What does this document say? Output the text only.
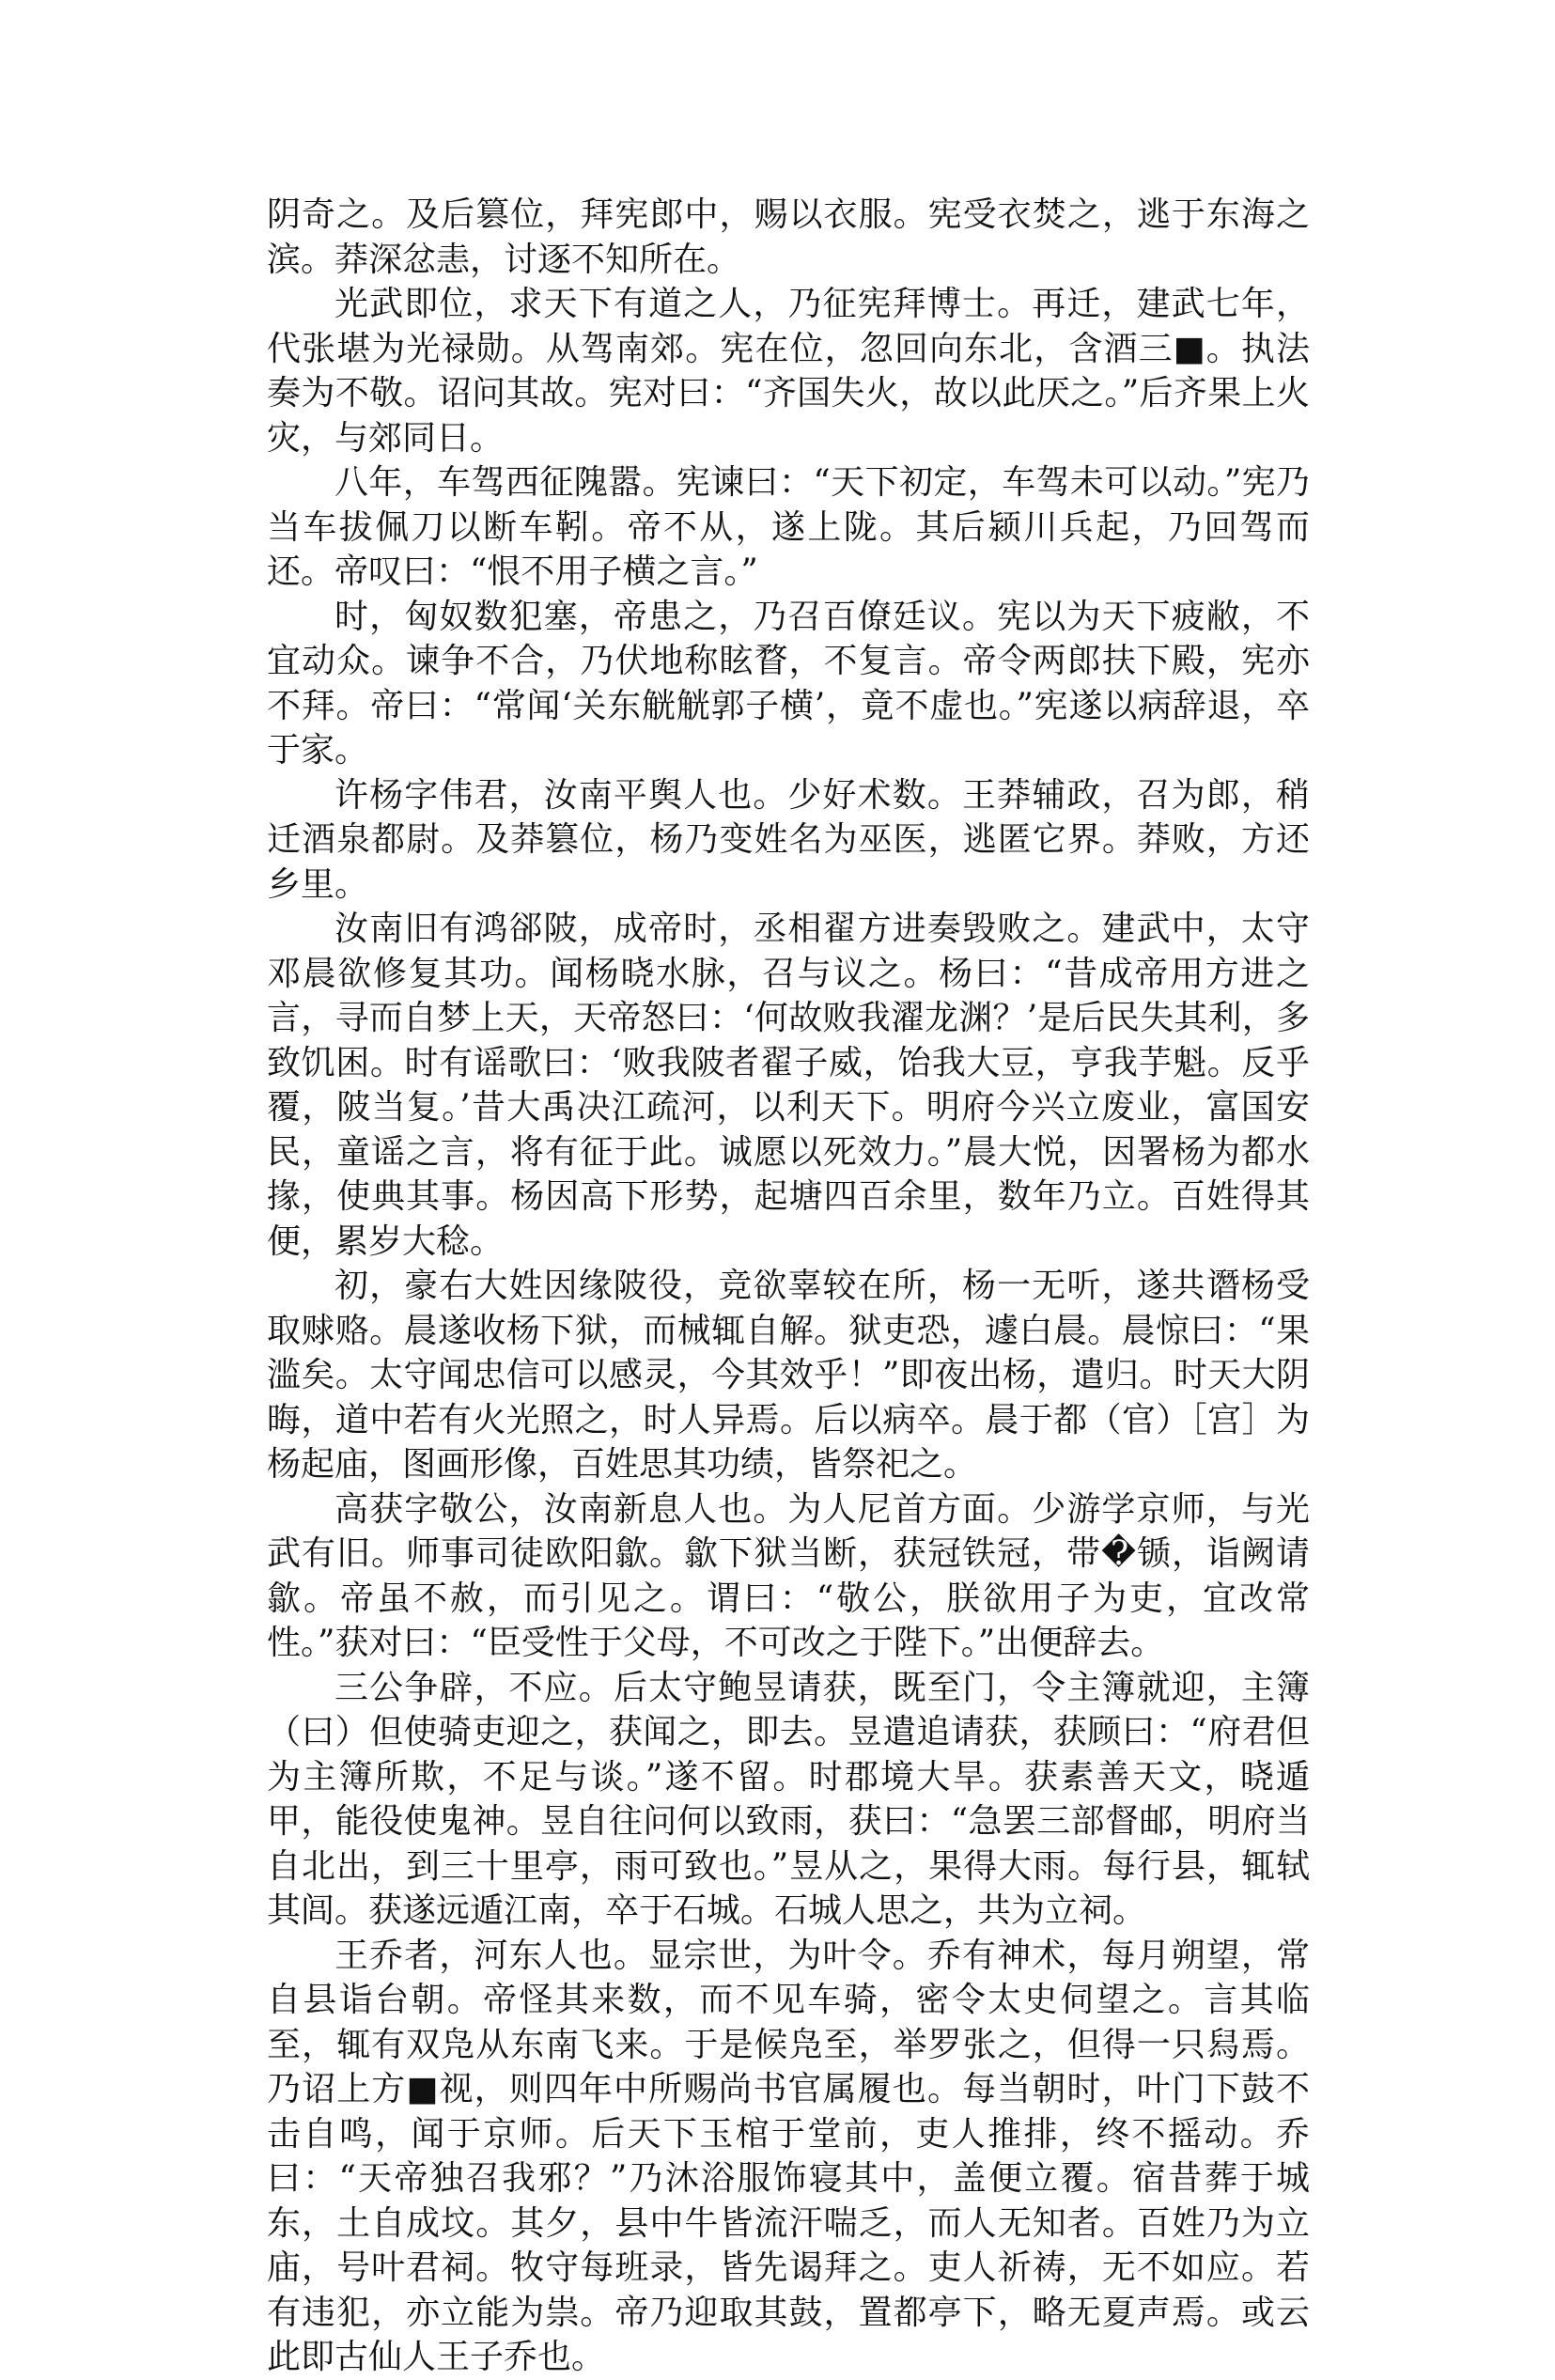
阴奇之。及后篡位，拜宪郎中，赐以衣服。宪受衣焚之，逃于东海之滨。莽深忿恚，讨逐不知所在。

光武即位，求天下有道之人，乃征宪拜博士。再迁，建武七年，代张堪为光禄勋。从驾南郊。宪在位，忽回向东北，含酒三■。执法奏为不敬。诏问其故。宪对曰：“齐国失火，故以此厌之。”后齐果上火灾，与郊同日。

八年，车驾西征隗嚣。宪谏曰：“天下初定，车驾未可以动。”宪乃当车拔佩刀以断车靷。帝不从，遂上陇。其后颍川兵起，乃回驾而还。帝叹曰：“恨不用子横之言。”

时，匈奴数犯塞，帝患之，乃召百僚廷议。宪以为天下疲敝，不宜动众。谏争不合，乃伏地称眩瞀，不复言。帝令两郎扶下殿，宪亦不拜。帝曰：“常闻‘关东觥觥郭子横’，竟不虚也。”宪遂以病辞退，卒于家。

许杨字伟君，汝南平舆人也。少好术数。王莽辅政，召为郎，稍迁酒泉都尉。及莽篡位，杨乃变姓名为巫医，逃匿它界。莽败，方还乡里。

汝南旧有鸿郤陂，成帝时，丞相翟方进奏毁败之。建武中，太守邓晨欲修复其功。闻杨晓水脉，召与议之。杨曰：“昔成帝用方进之言，寻而自梦上天，天帝怒曰：‘何故败我濯龙渊？’是后民失其利，多致饥困。时有谣歌曰：‘败我陂者翟子威，饴我大豆，亨我芋魁。反乎覆，陂当复。’昔大禹决江疏河，以利天下。明府今兴立废业，富国安民，童谣之言，将有征于此。诚愿以死效力。”晨大悦，因署杨为都水掾，使典其事。杨因高下形势，起塘四百余里，数年乃立。百姓得其便，累岁大稔。

初，豪右大姓因缘陂役，竞欲辜较在所，杨一无听，遂共谮杨受取赇赂。晨遂收杨下狱，而械辄自解。狱吏恐，遽白晨。晨惊曰：“果滥矣。太守闻忠信可以感灵，今其效乎！”即夜出杨，遣归。时天大阴晦，道中若有火光照之，时人异焉。后以病卒。晨于都（官）［宫］为杨起庙，图画形像，百姓思其功绩，皆祭祀之。

高获字敬公，汝南新息人也。为人尼首方面。少游学京师，与光武有旧。师事司徒欧阳歙。歙下狱当断，获冠铁冠，带�锧，诣阙请歙。帝虽不赦，而引见之。谓曰：“敬公，朕欲用子为吏，宜改常性。”获对曰：“臣受性于父母，不可改之于陛下。”出便辞去。

三公争辟，不应。后太守鲍昱请获，既至门，令主簿就迎，主簿（曰）但使骑吏迎之，获闻之，即去。昱遣追请获，获顾曰：“府君但为主簿所欺，不足与谈。”遂不留。时郡境大旱。获素善天文，晓遁甲，能役使鬼神。昱自往问何以致雨，获曰：“急罢三部督邮，明府当自北出，到三十里亭，雨可致也。”昱从之，果得大雨。每行县，辄轼其闾。获遂远遁江南，卒于石城。石城人思之，共为立祠。

王乔者，河东人也。显宗世，为叶令。乔有神术，每月朔望，常自县诣台朝。帝怪其来数，而不见车骑，密令太史伺望之。言其临至，辄有双凫从东南飞来。于是候凫至，举罗张之，但得一只舄焉。乃诏上方■视，则四年中所赐尚书官属履也。每当朝时，叶门下鼓不击自鸣，闻于京师。后天下玉棺于堂前，吏人推排，终不摇动。乔曰：“天帝独召我邪？”乃沐浴服饰寝其中，盖便立覆。宿昔葬于城东，土自成坟。其夕，县中牛皆流汗喘乏，而人无知者。百姓乃为立庙，号叶君祠。牧守每班录，皆先谒拜之。吏人祈祷，无不如应。若有违犯，亦立能为祟。帝乃迎取其鼓，置都亭下，略无夏声焉。或云此即古仙人王子乔也。
